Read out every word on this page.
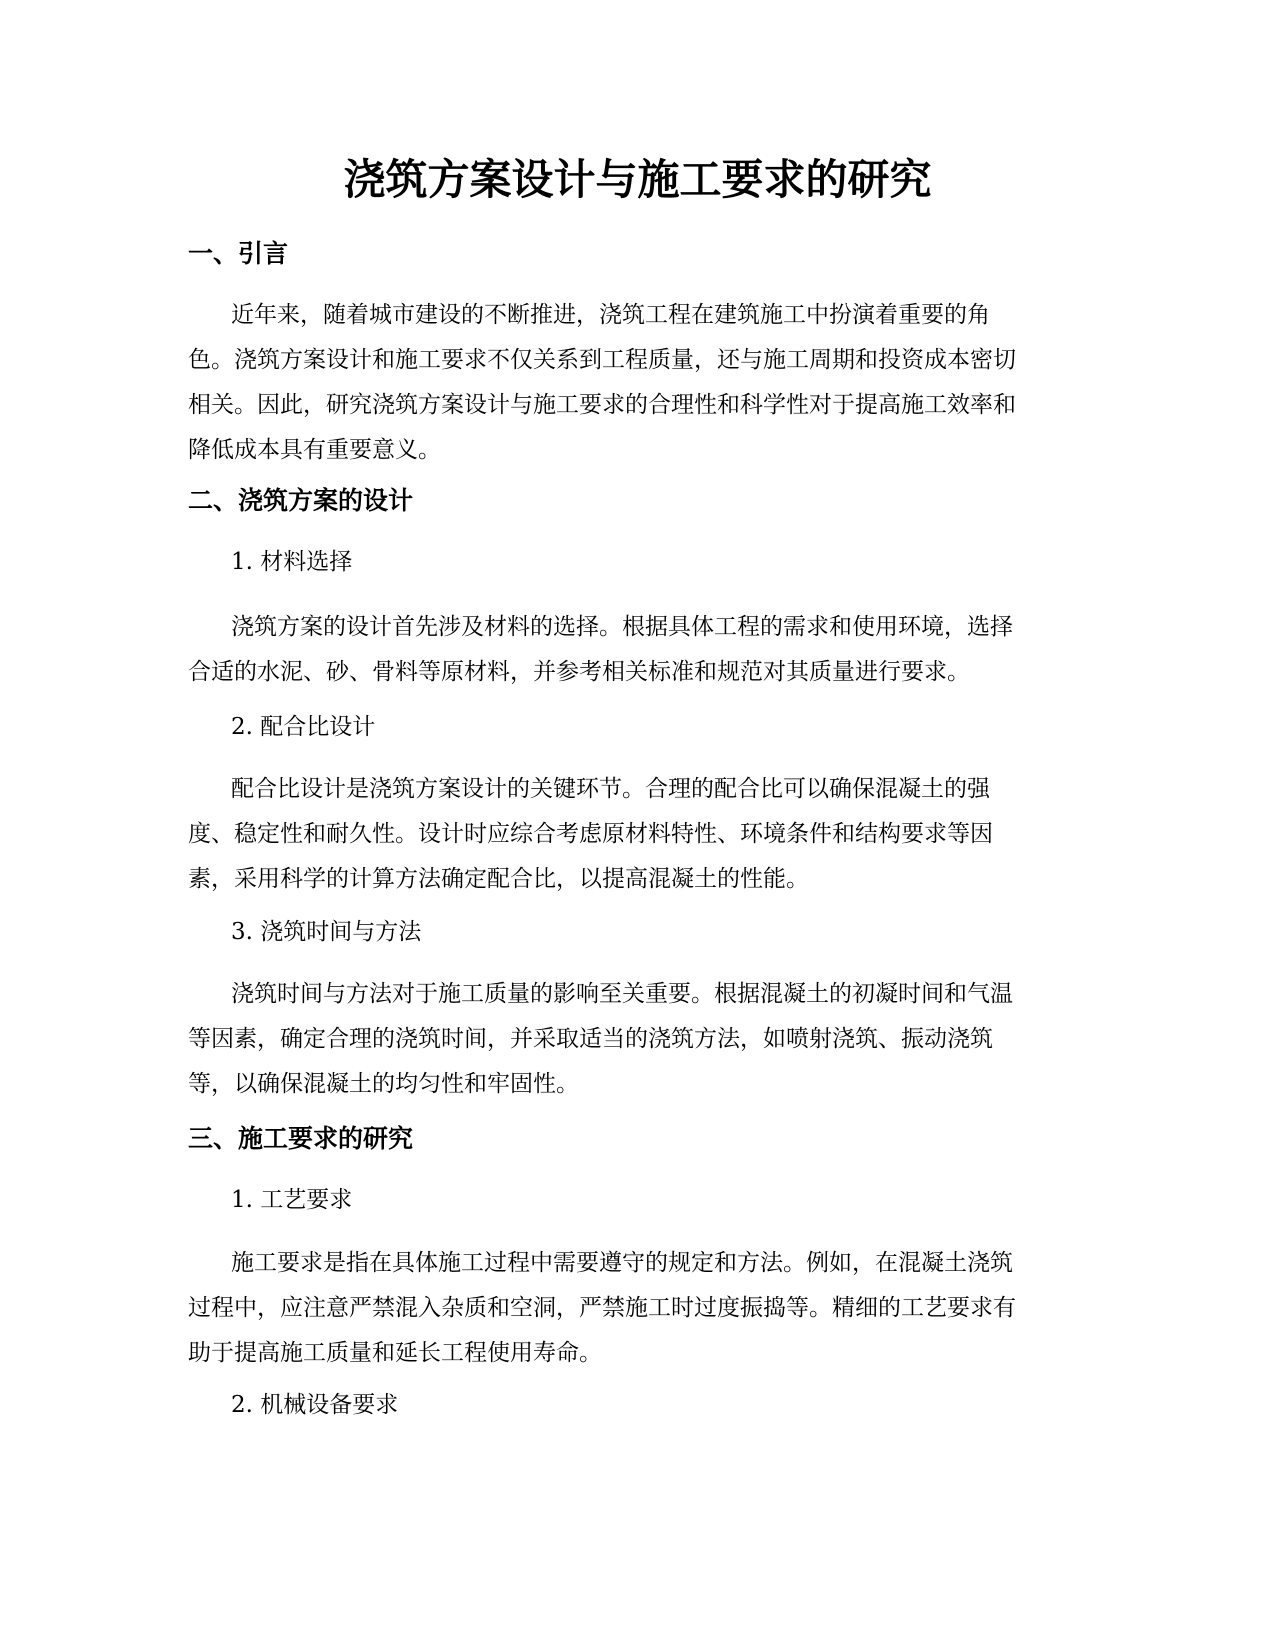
浇筑方案设计与施工要求的研究
一、引言
近年来，随着城市建设的不断推进，浇筑工程在建筑施工中扮演着重要的角
色。浇筑方案设计和施工要求不仅关系到工程质量，还与施工周期和投资成本密切
相关。因此，研究浇筑方案设计与施工要求的合理性和科学性对于提高施工效率和
降低成本具有重要意义。
二、浇筑方案的设计
1. 材料选择
浇筑方案的设计首先涉及材料的选择。根据具体工程的需求和使用环境，选择
合适的水泥、砂、骨料等原材料，并参考相关标准和规范对其质量进行要求。
2. 配合比设计
配合比设计是浇筑方案设计的关键环节。合理的配合比可以确保混凝土的强
度、稳定性和耐久性。设计时应综合考虑原材料特性、环境条件和结构要求等因
素，采用科学的计算方法确定配合比，以提高混凝土的性能。
3. 浇筑时间与方法
浇筑时间与方法对于施工质量的影响至关重要。根据混凝土的初凝时间和气温
等因素，确定合理的浇筑时间，并采取适当的浇筑方法，如喷射浇筑、振动浇筑
等，以确保混凝土的均匀性和牢固性。
三、施工要求的研究
1. 工艺要求
施工要求是指在具体施工过程中需要遵守的规定和方法。例如，在混凝土浇筑
过程中，应注意严禁混入杂质和空洞，严禁施工时过度振捣等。精细的工艺要求有
助于提高施工质量和延长工程使用寿命。
2. 机械设备要求
